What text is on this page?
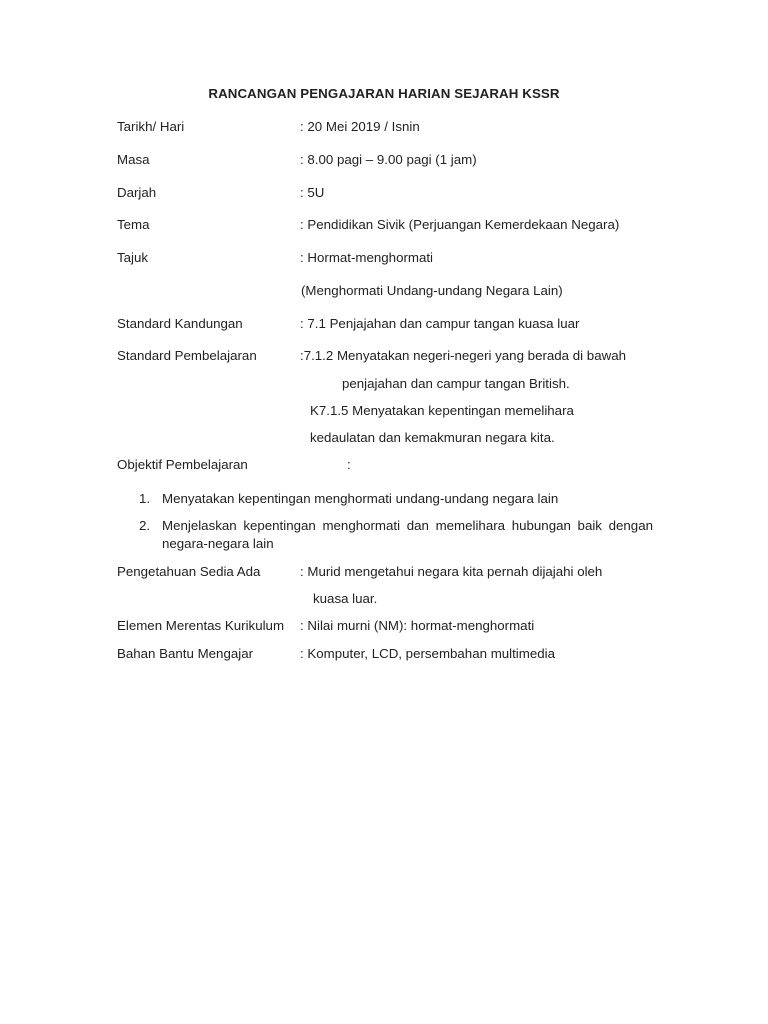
RANCANGAN PENGAJARAN HARIAN SEJARAH KSSR
Tarikh/ Hari	: 20 Mei 2019 / Isnin
Masa	: 8.00 pagi – 9.00 pagi (1 jam)
Darjah	: 5U
Tema	: Pendidikan Sivik (Perjuangan Kemerdekaan Negara)
Tajuk	: Hormat-menghormati
(Menghormati Undang-undang Negara Lain)
Standard Kandungan	: 7.1 Penjajahan dan campur tangan kuasa luar
Standard Pembelajaran	:7.1.2 Menyatakan negeri-negeri yang berada di bawah
penjajahan dan campur tangan British.
K7.1.5 Menyatakan kepentingan memelihara
kedaulatan dan kemakmuran negara kita.
Objektif Pembelajaran	:
1. Menyatakan kepentingan menghormati undang-undang negara lain
2. Menjelaskan kepentingan menghormati dan memelihara hubungan baik dengan negara-negara lain
Pengetahuan Sedia Ada	: Murid mengetahui negara kita pernah dijajahi oleh
kuasa luar.
Elemen Merentas Kurikulum : Nilai murni (NM): hormat-menghormati
Bahan Bantu Mengajar	: Komputer, LCD, persembahan multimedia
